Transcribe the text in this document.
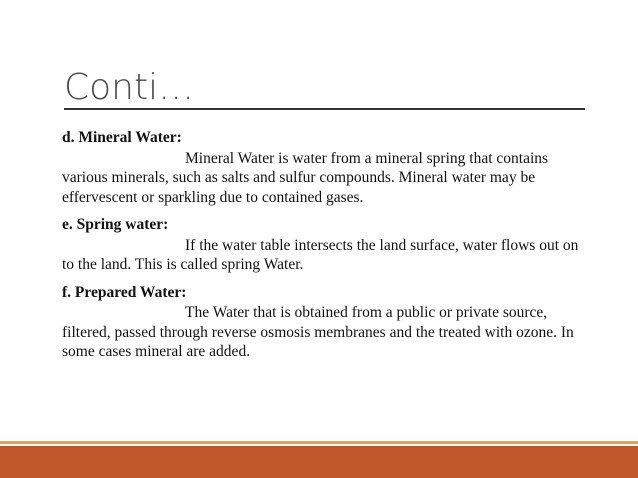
Conti…
d. Mineral Water:
Mineral Water is water from a mineral spring that contains various minerals, such as salts and sulfur compounds. Mineral water may be effervescent or sparkling due to contained gases.
e. Spring water:
If the water table intersects the land surface, water flows out on to the land. This is called spring Water.
f. Prepared Water:
The Water that is obtained from a public or private source, filtered, passed through reverse osmosis membranes and the treated with ozone. In some cases mineral are added.
